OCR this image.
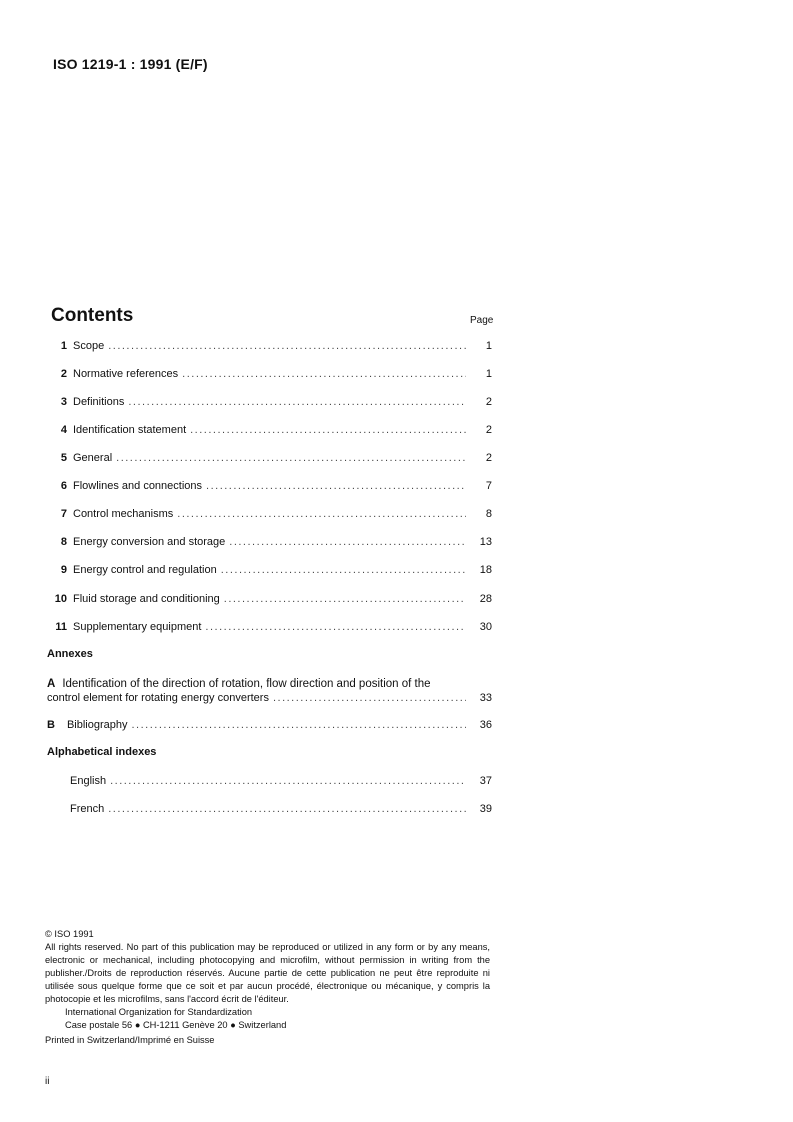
ISO 1219-1 : 1991 (E/F)
Contents	Page
1 Scope .....	1
2 Normative references .....	1
3 Definitions .....	2
4 Identification statement .....	2
5 General .....	2
6 Flowlines and connections .....	7
7 Control mechanisms .....	8
8 Energy conversion and storage .....	13
9 Energy control and regulation .....	18
10 Fluid storage and conditioning .....	28
11 Supplementary equipment .....	30
Annexes
A Identification of the direction of rotation, flow direction and position of the
control element for rotating energy converters .....	33
B Bibliography .....	36
Alphabetical indexes
English .....	37
French .....	39
© ISO 1991
All rights reserved. No part of this publication may be reproduced or utilized in any form or by any means, electronic or mechanical, including photocopying and microfilm, without permission in writing from the publisher./Droits de reproduction réservés. Aucune partie de cette publication ne peut être reproduite ni utilisée sous quelque forme que ce soit et par aucun procédé, électronique ou mécanique, y compris la photocopie et les microfilms, sans l'accord écrit de l'éditeur.
International Organization for Standardization
Case postale 56 ● CH-1211 Genève 20 ● Switzerland
Printed in Switzerland/Imprimé en Suisse
ii
